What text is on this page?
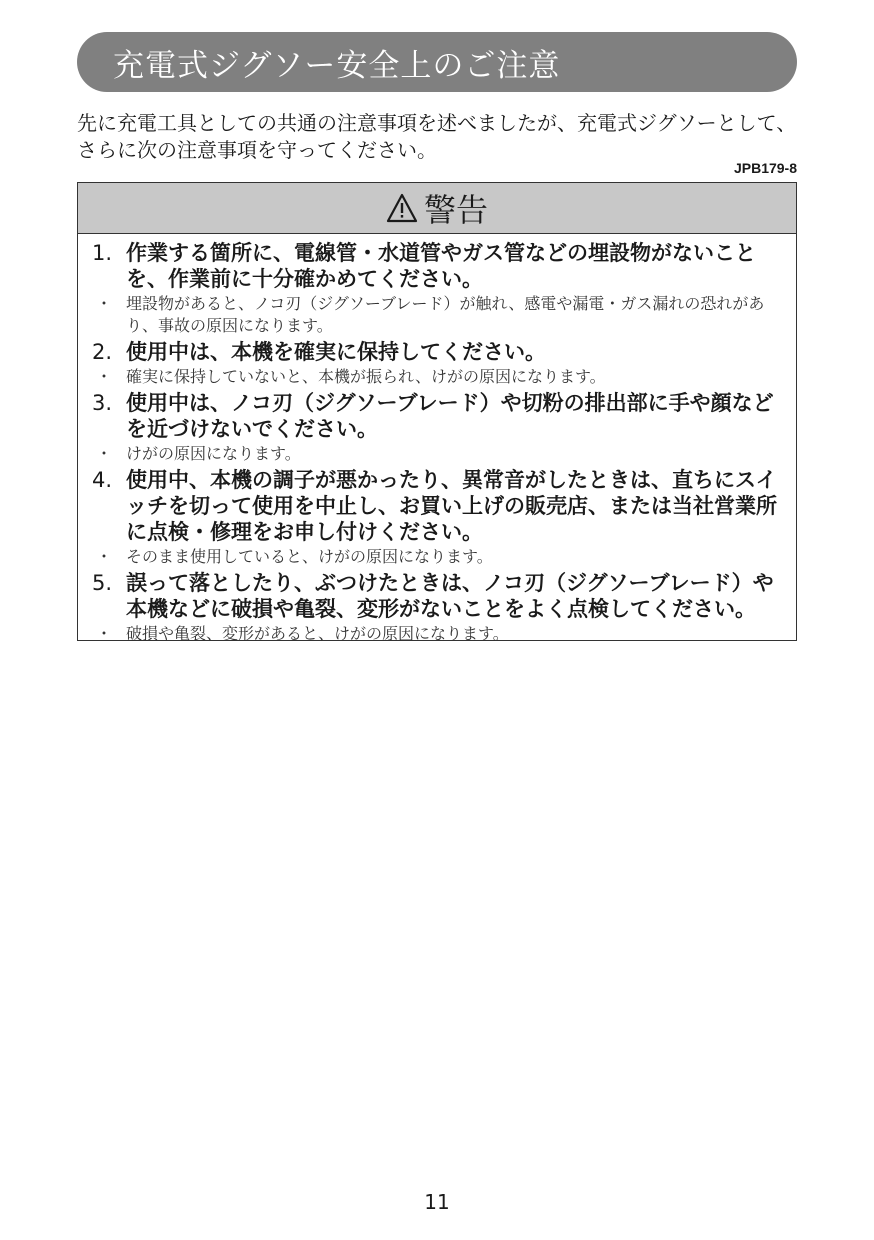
充電式ジグソー安全上のご注意
先に充電工具としての共通の注意事項を述べましたが、充電式ジグソーとして、さらに次の注意事項を守ってください。
JPB179-8
警告
1. 作業する箇所に、電線管・水道管やガス管などの埋設物がないことを、作業前に十分確かめてください。
・ 埋設物があると、ノコ刃（ジグソーブレード）が触れ、感電や漏電・ガス漏れの恐れがあり、事故の原因になります。
2. 使用中は、本機を確実に保持してください。
・ 確実に保持していないと、本機が振られ、けがの原因になります。
3. 使用中は、ノコ刃（ジグソーブレード）や切粉の排出部に手や顔などを近づけないでください。
・ けがの原因になります。
4. 使用中、本機の調子が悪かったり、異常音がしたときは、直ちにスイッチを切って使用を中止し、お買い上げの販売店、または当社営業所に点検・修理をお申し付けください。
・ そのまま使用していると、けがの原因になります。
5. 誤って落としたり、ぶつけたときは、ノコ刃（ジグソーブレード）や本機などに破損や亀裂、変形がないことをよく点検してください。
・ 破損や亀裂、変形があると、けがの原因になります。
11
